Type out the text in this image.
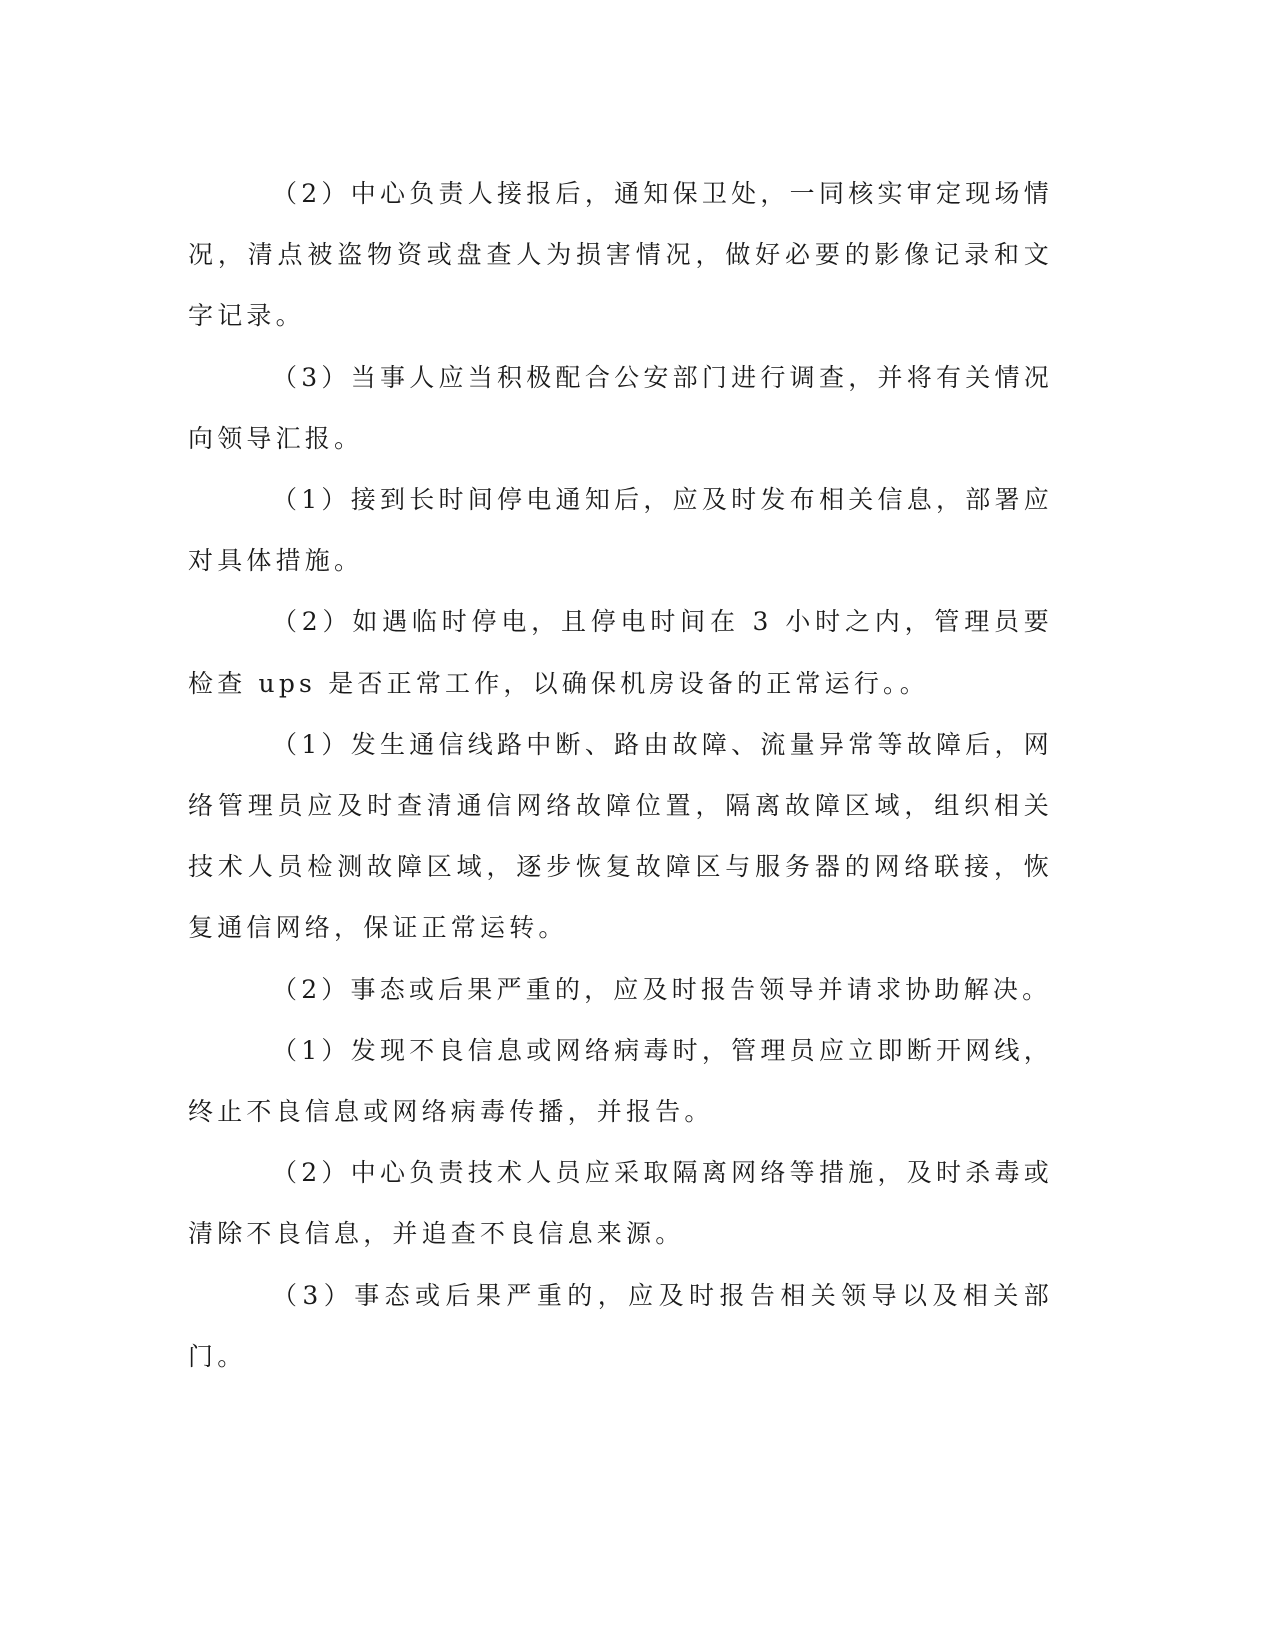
（2）中心负责人接报后，通知保卫处，一同核实审定现场情况，清点被盗物资或盘查人为损害情况，做好必要的影像记录和文字记录。

（3）当事人应当积极配合公安部门进行调查，并将有关情况向领导汇报。

（1）接到长时间停电通知后，应及时发布相关信息，部署应对具体措施。

（2）如遇临时停电，且停电时间在 3 小时之内，管理员要检查 ups 是否正常工作，以确保机房设备的正常运行。。

（1）发生通信线路中断、路由故障、流量异常等故障后，网络管理员应及时查清通信网络故障位置，隔离故障区域，组织相关技术人员检测故障区域，逐步恢复故障区与服务器的网络联接，恢复通信网络，保证正常运转。

（2）事态或后果严重的，应及时报告领导并请求协助解决。

（1）发现不良信息或网络病毒时，管理员应立即断开网线，终止不良信息或网络病毒传播，并报告。

（2）中心负责技术人员应采取隔离网络等措施，及时杀毒或清除不良信息，并追查不良信息来源。

（3）事态或后果严重的，应及时报告相关领导以及相关部门。
